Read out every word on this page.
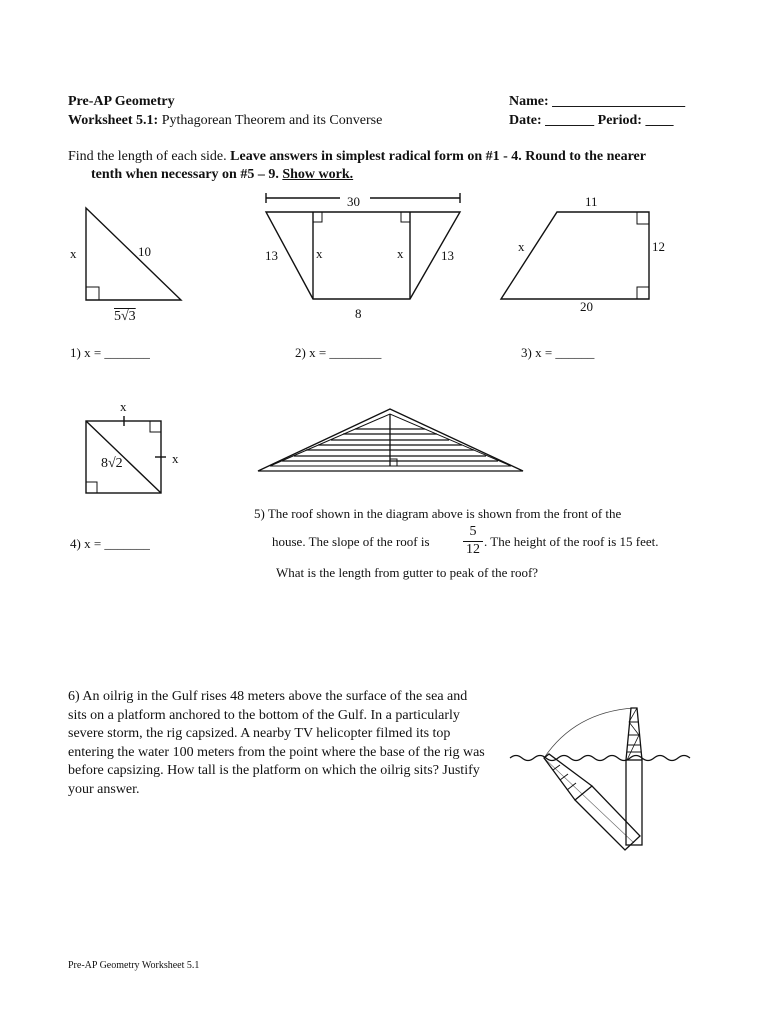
Pre-AP Geometry
Worksheet 5.1: Pythagorean Theorem and its Converse
Name: ___________________
Date: _______ Period: ____
Find the length of each side. Leave answers in simplest radical form on #1 - 4. Round to the nearer
tenth when necessary on #5 – 9. Show work.
x	10
5√3
1) x = _______
30
13	x	x	13
8
2) x = ________
11
x	12
20
3) x = ______
x
x
8√2
4) x = _______
5) The roof shown in the diagram above is shown from the front of the
house. The slope of the roof is
5
12
. The height of the roof is 15 feet.
What is the length from gutter to peak of the roof?
6) An oilrig in the Gulf rises 48 meters above the surface of the sea and sits on a platform anchored to the bottom of the Gulf. In a particularly severe storm, the rig capsized. A nearby TV helicopter filmed its top entering the water 100 meters from the point where the base of the rig was before capsizing. How tall is the platform on which the oilrig sits? Justify your answer.
Pre-AP Geometry Worksheet 5.1
